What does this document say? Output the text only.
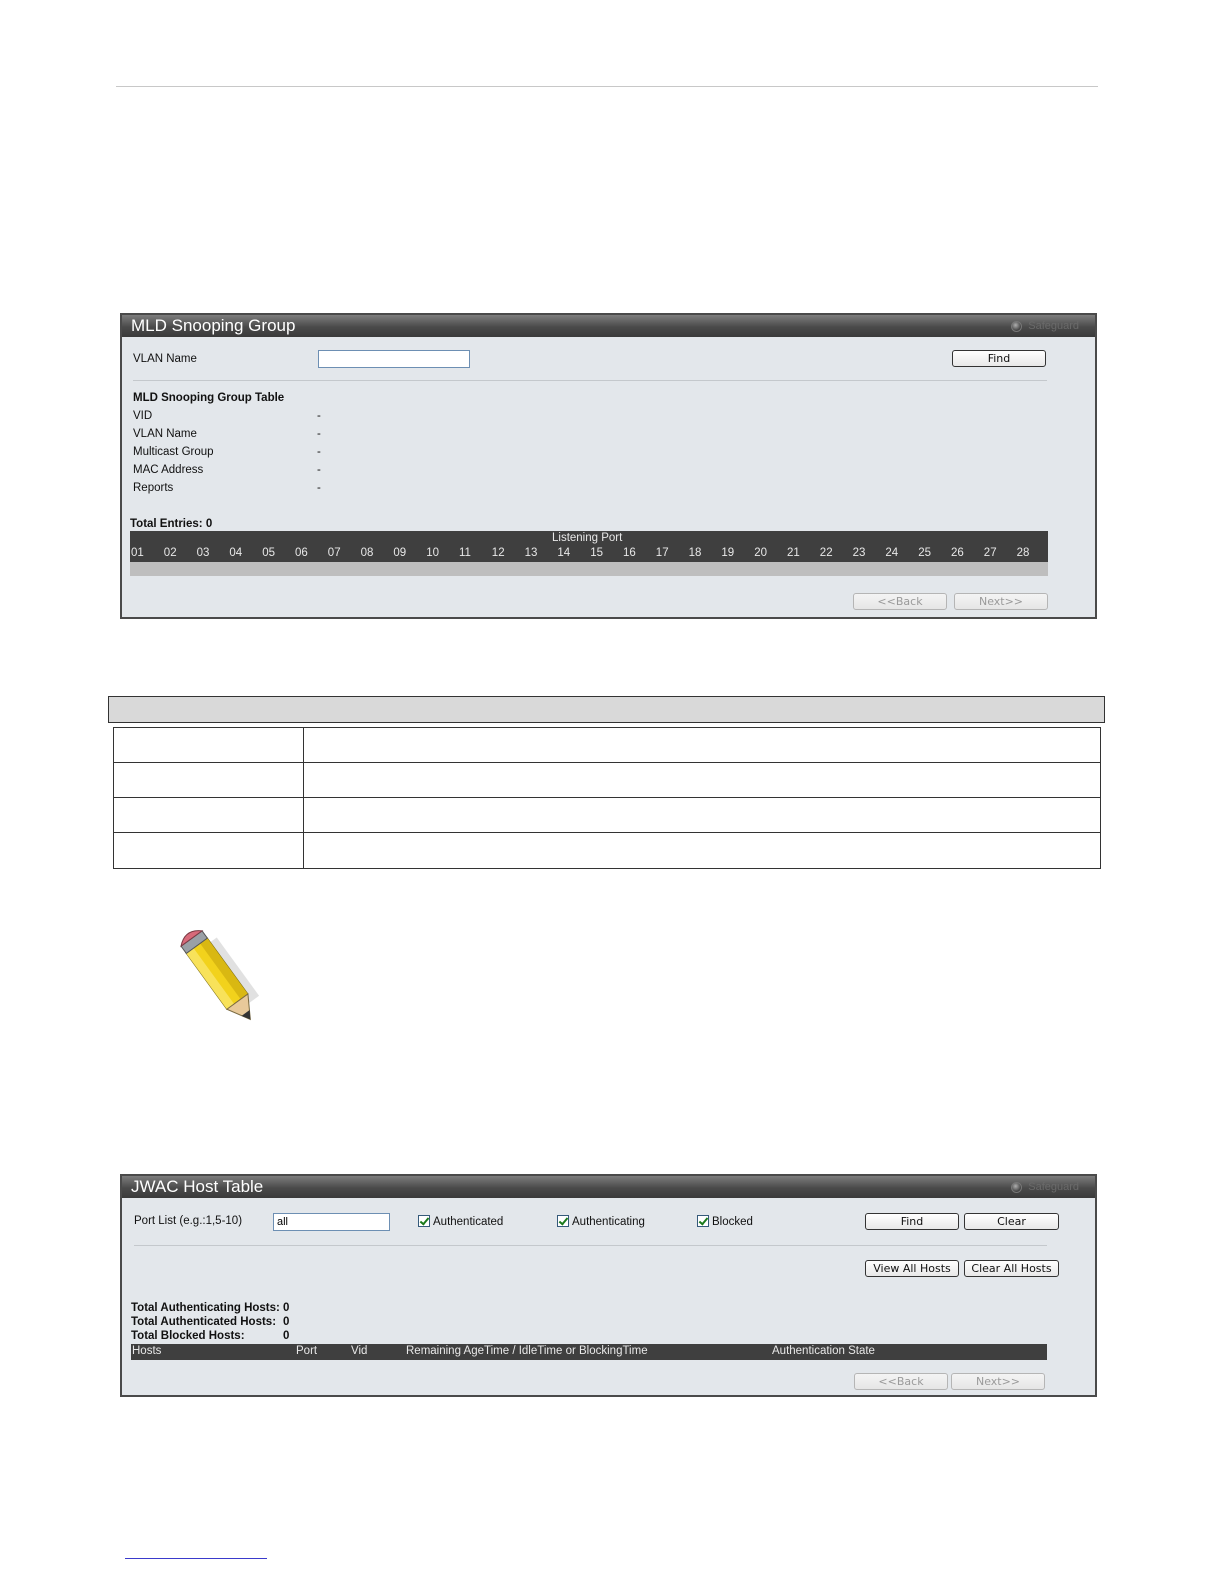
MLD Snooping Group	Safeguard
VLAN Name	Find
MLD Snooping Group Table
VID	-
VLAN Name	-
Multicast Group	-
MAC Address	-
Reports	-
Total Entries: 0
Listening Port
01 02 03 04 05 06 07 08 09 10 11 12 13 14 15 16 17 18 19 20 21 22 23 24 25 26 27 28
<<Back	Next>>
JWAC Host Table	Safeguard
Port List (e.g.:1,5-10)
all	Authenticated	Authenticating	Blocked	Find	Clear
View All Hosts	Clear All Hosts
Total Authenticating Hosts: 0
Total Authenticated Hosts: 0
Total Blocked Hosts:	0
Hosts	Port	Vid	Remaining AgeTime / IdleTime or BlockingTime	Authentication State
<<Back	Next>>
